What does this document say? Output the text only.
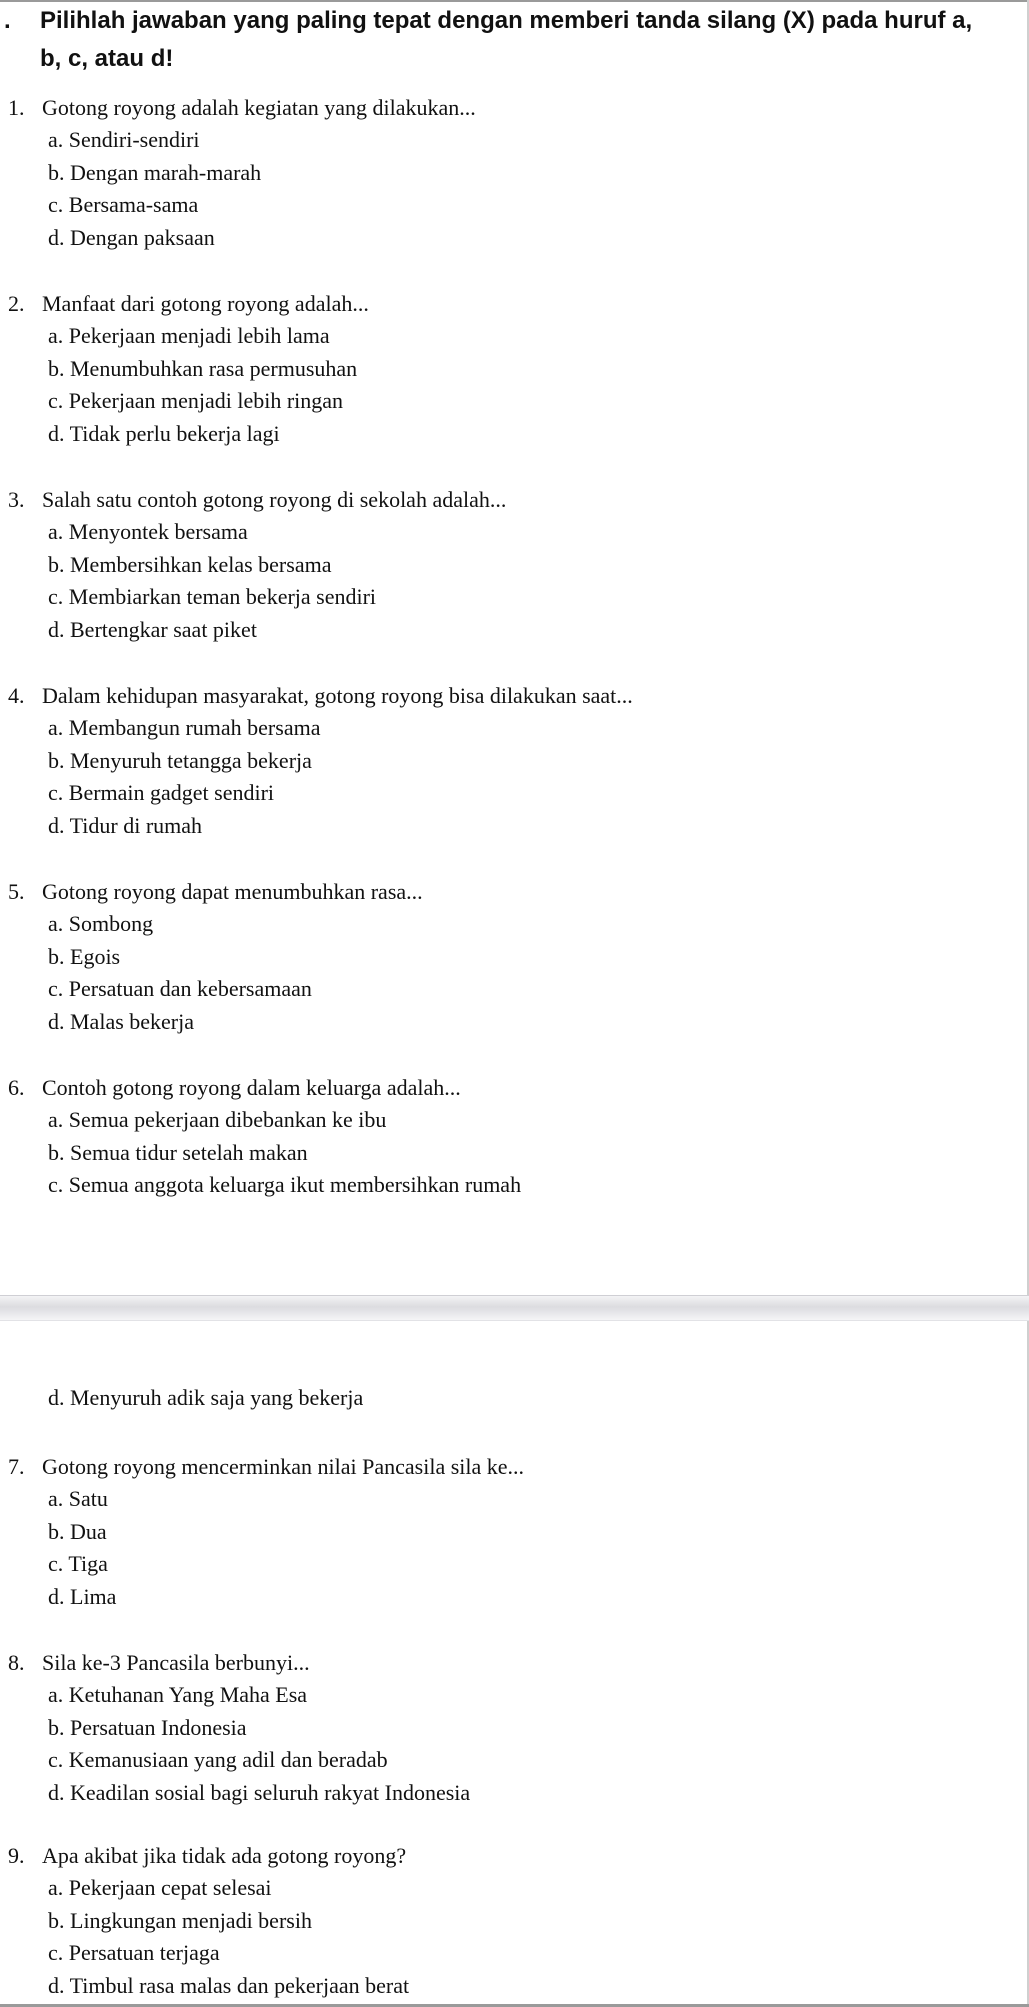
.	Pilihlah jawaban yang paling tepat dengan memberi tanda silang (X) pada huruf a,
b, c, atau d!
1. Gotong royong adalah kegiatan yang dilakukan...
a. Sendiri-sendiri
b. Dengan marah-marah
c. Bersama-sama
d. Dengan paksaan
2. Manfaat dari gotong royong adalah...
a. Pekerjaan menjadi lebih lama
b. Menumbuhkan rasa permusuhan
c. Pekerjaan menjadi lebih ringan
d. Tidak perlu bekerja lagi
3. Salah satu contoh gotong royong di sekolah adalah...
a. Menyontek bersama
b. Membersihkan kelas bersama
c. Membiarkan teman bekerja sendiri
d. Bertengkar saat piket
4. Dalam kehidupan masyarakat, gotong royong bisa dilakukan saat...
a. Membangun rumah bersama
b. Menyuruh tetangga bekerja
c. Bermain gadget sendiri
d. Tidur di rumah
5. Gotong royong dapat menumbuhkan rasa...
a. Sombong
b. Egois
c. Persatuan dan kebersamaan
d. Malas bekerja
6. Contoh gotong royong dalam keluarga adalah...
a. Semua pekerjaan dibebankan ke ibu
b. Semua tidur setelah makan
c. Semua anggota keluarga ikut membersihkan rumah
d. Menyuruh adik saja yang bekerja
7. Gotong royong mencerminkan nilai Pancasila sila ke...
a. Satu
b. Dua
c. Tiga
d. Lima
8. Sila ke-3 Pancasila berbunyi...
a. Ketuhanan Yang Maha Esa
b. Persatuan Indonesia
c. Kemanusiaan yang adil dan beradab
d. Keadilan sosial bagi seluruh rakyat Indonesia
9. Apa akibat jika tidak ada gotong royong?
a. Pekerjaan cepat selesai
b. Lingkungan menjadi bersih
c. Persatuan terjaga
d. Timbul rasa malas dan pekerjaan berat
